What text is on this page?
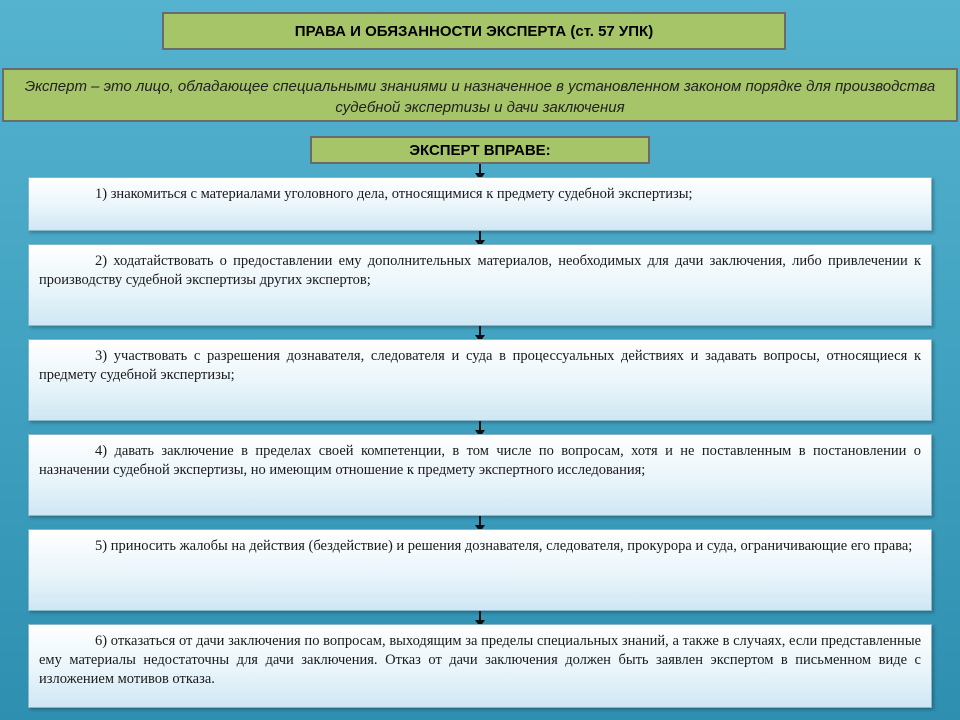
ПРАВА И ОБЯЗАННОСТИ ЭКСПЕРТА (ст. 57 УПК)
Эксперт – это лицо, обладающее специальными знаниями и назначенное в установленном законом порядке для производства судебной экспертизы и дачи заключения
ЭКСПЕРТ ВПРАВЕ:
1) знакомиться с материалами уголовного дела, относящимися к предмету судебной экспертизы;
2) ходатайствовать о предоставлении ему дополнительных материалов, необходимых для дачи заключения, либо привлечении к производству судебной экспертизы других экспертов;
3) участвовать с разрешения дознавателя, следователя и суда в процессуальных действиях и задавать вопросы, относящиеся к предмету судебной экспертизы;
4) давать заключение в пределах своей компетенции, в том числе по вопросам, хотя и не поставленным в постановлении о назначении судебной экспертизы, но имеющим отношение к предмету экспертного исследования;
5) приносить жалобы на действия (бездействие) и решения дознавателя, следователя, прокурора и суда, ограничивающие его права;
6) отказаться от дачи заключения по вопросам, выходящим за пределы специальных знаний, а также в случаях, если представленные ему материалы недостаточны для дачи заключения. Отказ от дачи заключения должен быть заявлен экспертом в письменном виде с изложением мотивов отказа.
